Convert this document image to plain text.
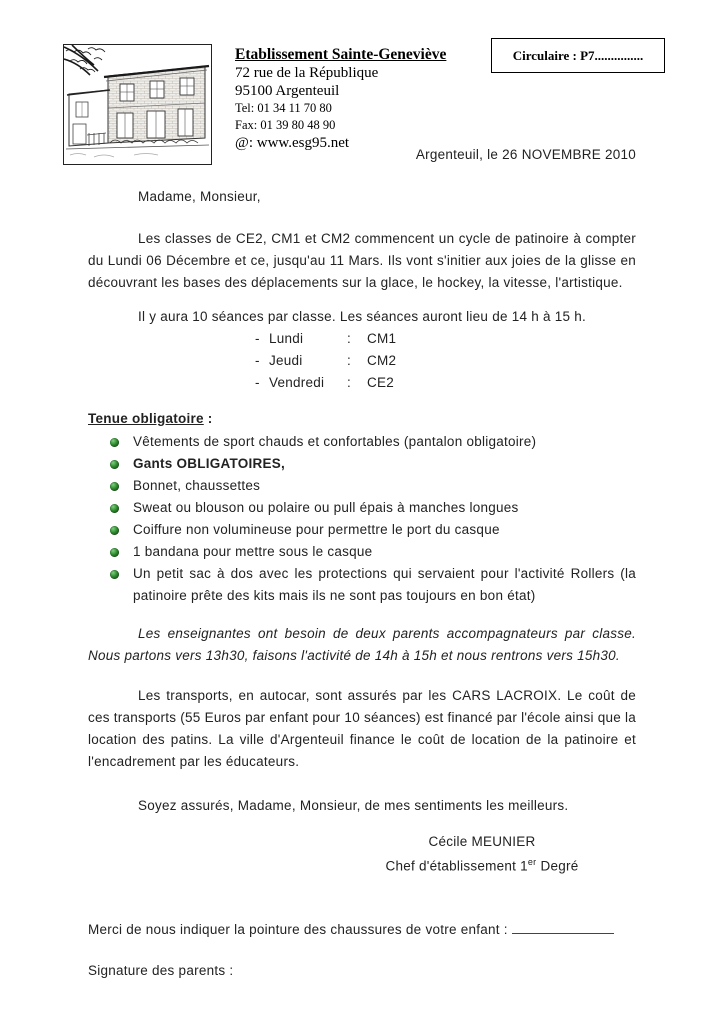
Etablissement Sainte-Geneviève
72 rue de la République
95100 Argenteuil
Tel: 01 34 11 70 80
Fax: 01 39 80 48 90
@: www.esg95.net
Circulaire : P7...............
Argenteuil, le 26 NOVEMBRE 2010
Madame, Monsieur,

Les classes de CE2, CM1 et CM2 commencent un cycle de patinoire à compter du Lundi 06 Décembre et ce, jusqu'au 11 Mars. Ils vont s'initier aux joies de la glisse en découvrant les bases des déplacements sur la glace, le hockey, la vitesse, l'artistique.

Il y aura 10 séances par classe. Les séances auront lieu de 14 h à 15 h.

- Lundi	:	CM1
- Jeudi	:	CM2
- Vendredi	:	CE2
Tenue obligatoire :
Vêtements de sport chauds et confortables (pantalon obligatoire)
Gants OBLIGATOIRES,
Bonnet, chaussettes
Sweat ou blouson ou polaire ou pull épais à manches longues
Coiffure non volumineuse pour permettre le port du casque
1 bandana pour mettre sous le casque
Un petit sac à dos avec les protections qui servaient pour l'activité Rollers (la patinoire prête des kits mais ils ne sont pas toujours en bon état)

Les enseignantes ont besoin de deux parents accompagnateurs par classe. Nous partons vers 13h30, faisons l'activité de 14h à 15h et nous rentrons vers 15h30.

Les transports, en autocar, sont assurés par les CARS LACROIX. Le coût de ces transports (55 Euros par enfant pour 10 séances) est financé par l'école ainsi que la location des patins. La ville d'Argenteuil finance le coût de location de la patinoire et l'encadrement par les éducateurs.

Soyez assurés, Madame, Monsieur, de mes sentiments les meilleurs.

Cécile MEUNIER
Chef d'établissement 1er Degré
Merci de nous indiquer la pointure des chaussures de votre enfant :
Signature des parents :
